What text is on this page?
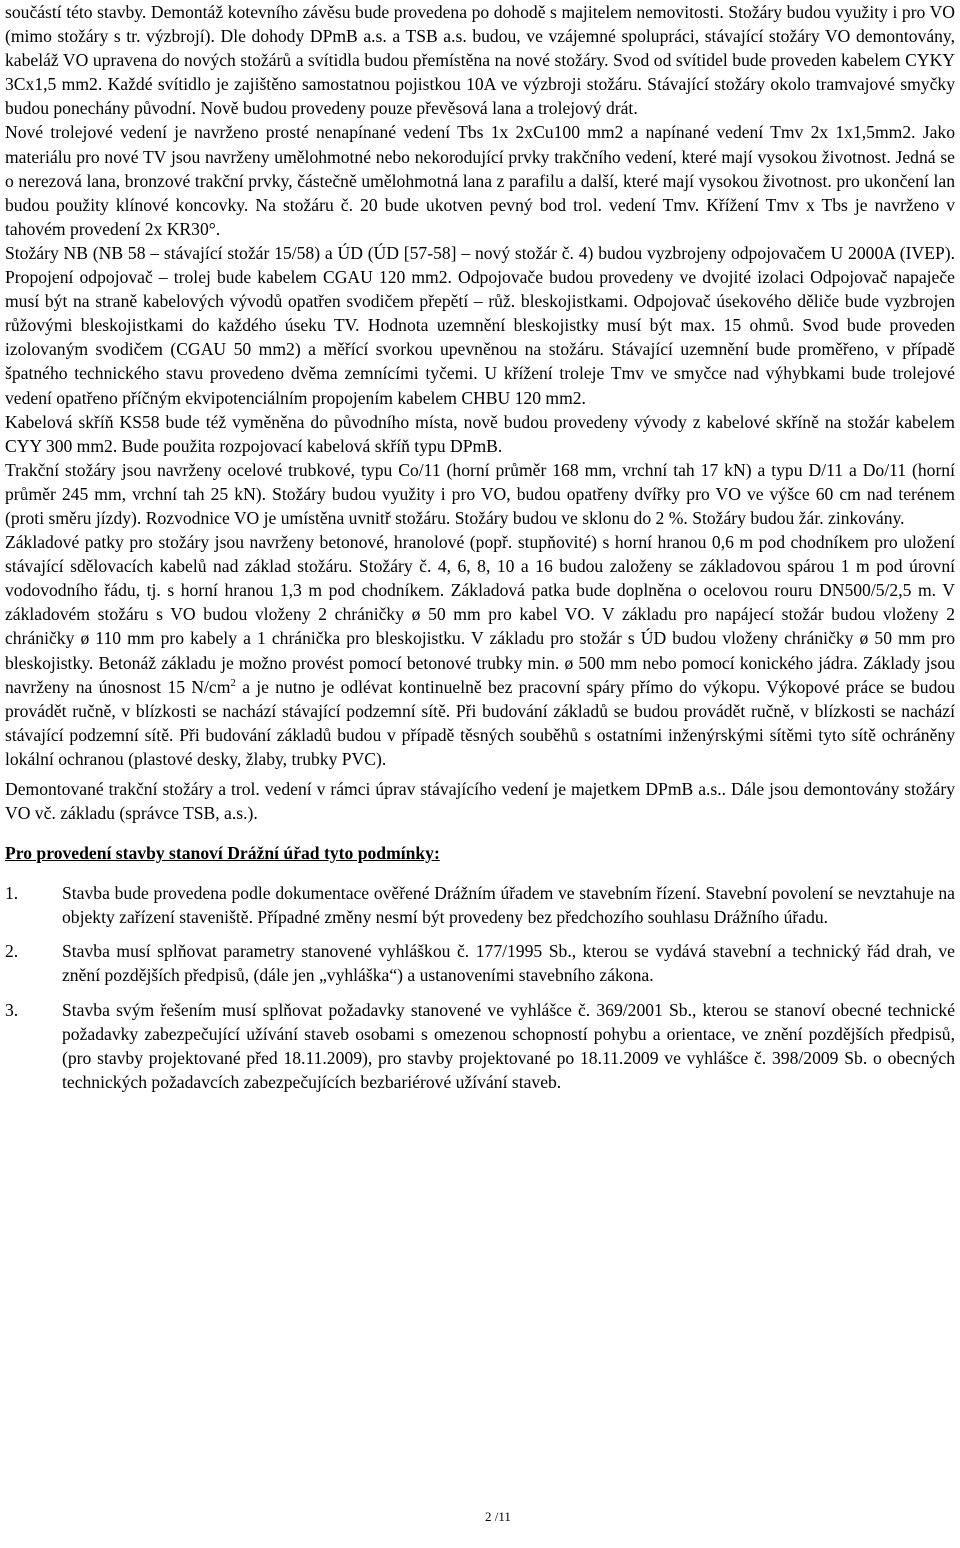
součástí této stavby. Demontáž kotevního závěsu bude provedena po dohodě s majitelem nemovitosti. Stožáry budou využity i pro VO (mimo stožáry s tr. výzbrojí). Dle dohody DPmB a.s. a TSB a.s. budou, ve vzájemné spolupráci, stávající stožáry VO demontovány, kabeláž VO upravena do nových stožárů a svítidla budou přemístěna na nové stožáry. Svod od svítidel bude proveden kabelem CYKY 3Cx1,5 mm2. Každé svítidlo je zajištěno samostatnou pojistkou 10A ve výzbroji stožáru. Stávající stožáry okolo tramvajové smyčky budou ponechány původní. Nově budou provedeny pouze převěsová lana a trolejový drát.

Nové trolejové vedení je navrženo prosté nenapínané vedení Tbs 1x 2xCu100 mm2 a napínané vedení Tmv 2x 1x1,5mm2. Jako materiálu pro nové TV jsou navrženy umělohmotné nebo nekorodující prvky trakčního vedení, které mají vysokou životnost. Jedná se o nerezová lana, bronzové trakční prvky, částečně umělohmotná lana z parafilu a další, které mají vysokou životnost. pro ukončení lan budou použity klínové koncovky. Na stožáru č. 20 bude ukotven pevný bod trol. vedení Tmv. Křížení Tmv x Tbs je navrženo v tahovém provedení 2x KR30°.

Stožáry NB (NB 58 – stávající stožár 15/58) a ÚD (ÚD [57-58] – nový stožár č. 4) budou vyzbrojeny odpojovačem U 2000A (IVEP). Propojení odpojovač – trolej bude kabelem CGAU 120 mm2. Odpojovače budou provedeny ve dvojité izolaci Odpojovač napaječe musí být na straně kabelových vývodů opatřen svodičem přepětí – růž. bleskojistkami. Odpojovač úsekového děliče bude vyzbrojen růžovými bleskojistkami do každého úseku TV. Hodnota uzemnění bleskojistky musí být max. 15 ohmů. Svod bude proveden izolovaným svodičem (CGAU 50 mm2) a měřící svorkou upevněnou na stožáru. Stávající uzemnění bude proměřeno, v případě špatného technického stavu provedeno dvěma zemnícími tyčemi. U křížení troleje Tmv ve smyčce nad výhybkami bude trolejové vedení opatřeno příčným ekvipotenciálním propojením kabelem CHBU 120 mm2.

Kabelová skříň KS58 bude též vyměněna do původního místa, nově budou provedeny vývody z kabelové skříně na stožár kabelem CYY 300 mm2. Bude použita rozpojovací kabelová skříň typu DPmB.

Trakční stožáry jsou navrženy ocelové trubkové, typu Co/11 (horní průměr 168 mm, vrchní tah 17 kN) a typu D/11 a Do/11 (horní průměr 245 mm, vrchní tah 25 kN). Stožáry budou využity i pro VO, budou opatřeny dvířky pro VO ve výšce 60 cm nad terénem (proti směru jízdy). Rozvodnice VO je umístěna uvnitř stožáru. Stožáry budou ve sklonu do 2 %. Stožáry budou žár. zinkovány.

Základové patky pro stožáry jsou navrženy betonové, hranolové (popř. stupňovité) s horní hranou 0,6 m pod chodníkem pro uložení stávající sdělovacích kabelů nad základ stožáru. Stožáry č. 4, 6, 8, 10 a 16 budou založeny se základovou spárou 1 m pod úrovní vodovodního řádu, tj. s horní hranou 1,3 m pod chodníkem. Základová patka bude doplněna o ocelovou rouru DN500/5/2,5 m. V základovém stožáru s VO budou vloženy 2 chráničky ø 50 mm pro kabel VO. V základu pro napájecí stožár budou vloženy 2 chráničky ø 110 mm pro kabely a 1 chránička pro bleskojistku. V základu pro stožár s ÚD budou vloženy chráničky ø 50 mm pro bleskojistky. Betonáž základu je možno provést pomocí betonové trubky min. ø 500 mm nebo pomocí konického jádra. Základy jsou navrženy na únosnost 15 $N/cm^2$ a je nutno je odlévat kontinuelně bez pracovní spáry přímo do výkopu. Výkopové práce se budou provádět ručně, v blízkosti se nachází stávající podzemní sítě. Při budování základů se budou provádět ručně, v blízkosti se nachází stávající podzemní sítě. Při budování základů budou v případě těsných souběhů s ostatními inženýrskými sítěmi tyto sítě ochráněny lokální ochranou (plastové desky, žlaby, trubky PVC).

Demontované trakční stožáry a trol. vedení v rámci úprav stávajícího vedení je majetkem DPmB a.s.. Dále jsou demontovány stožáry VO vč. základu (správce TSB, a.s.).

Pro provedení stavby stanoví Drážní úřad tyto podmínky:

1. Stavba bude provedena podle dokumentace ověřené Drážním úřadem ve stavebním řízení. Stavební povolení se nevztahuje na objekty zařízení staveniště. Případné změny nesmí být provedeny bez předchozího souhlasu Drážního úřadu.
2. Stavba musí splňovat parametry stanovené vyhláškou č. 177/1995 Sb., kterou se vydává stavební a technický řád drah, ve znění pozdějších předpisů, (dále jen „vyhláška“) a ustanoveními stavebního zákona.
3. Stavba svým řešením musí splňovat požadavky stanovené ve vyhlášce č. 369/2001 Sb., kterou se stanoví obecné technické požadavky zabezpečující užívání staveb osobami s omezenou schopností pohybu a orientace, ve znění pozdějších předpisů, (pro stavby projektované před 18.11.2009), pro stavby projektované po 18.11.2009 ve vyhlášce č. 398/2009 Sb. o obecných technických požadavcích zabezpečujících bezbariérové užívání staveb.
2 /11
